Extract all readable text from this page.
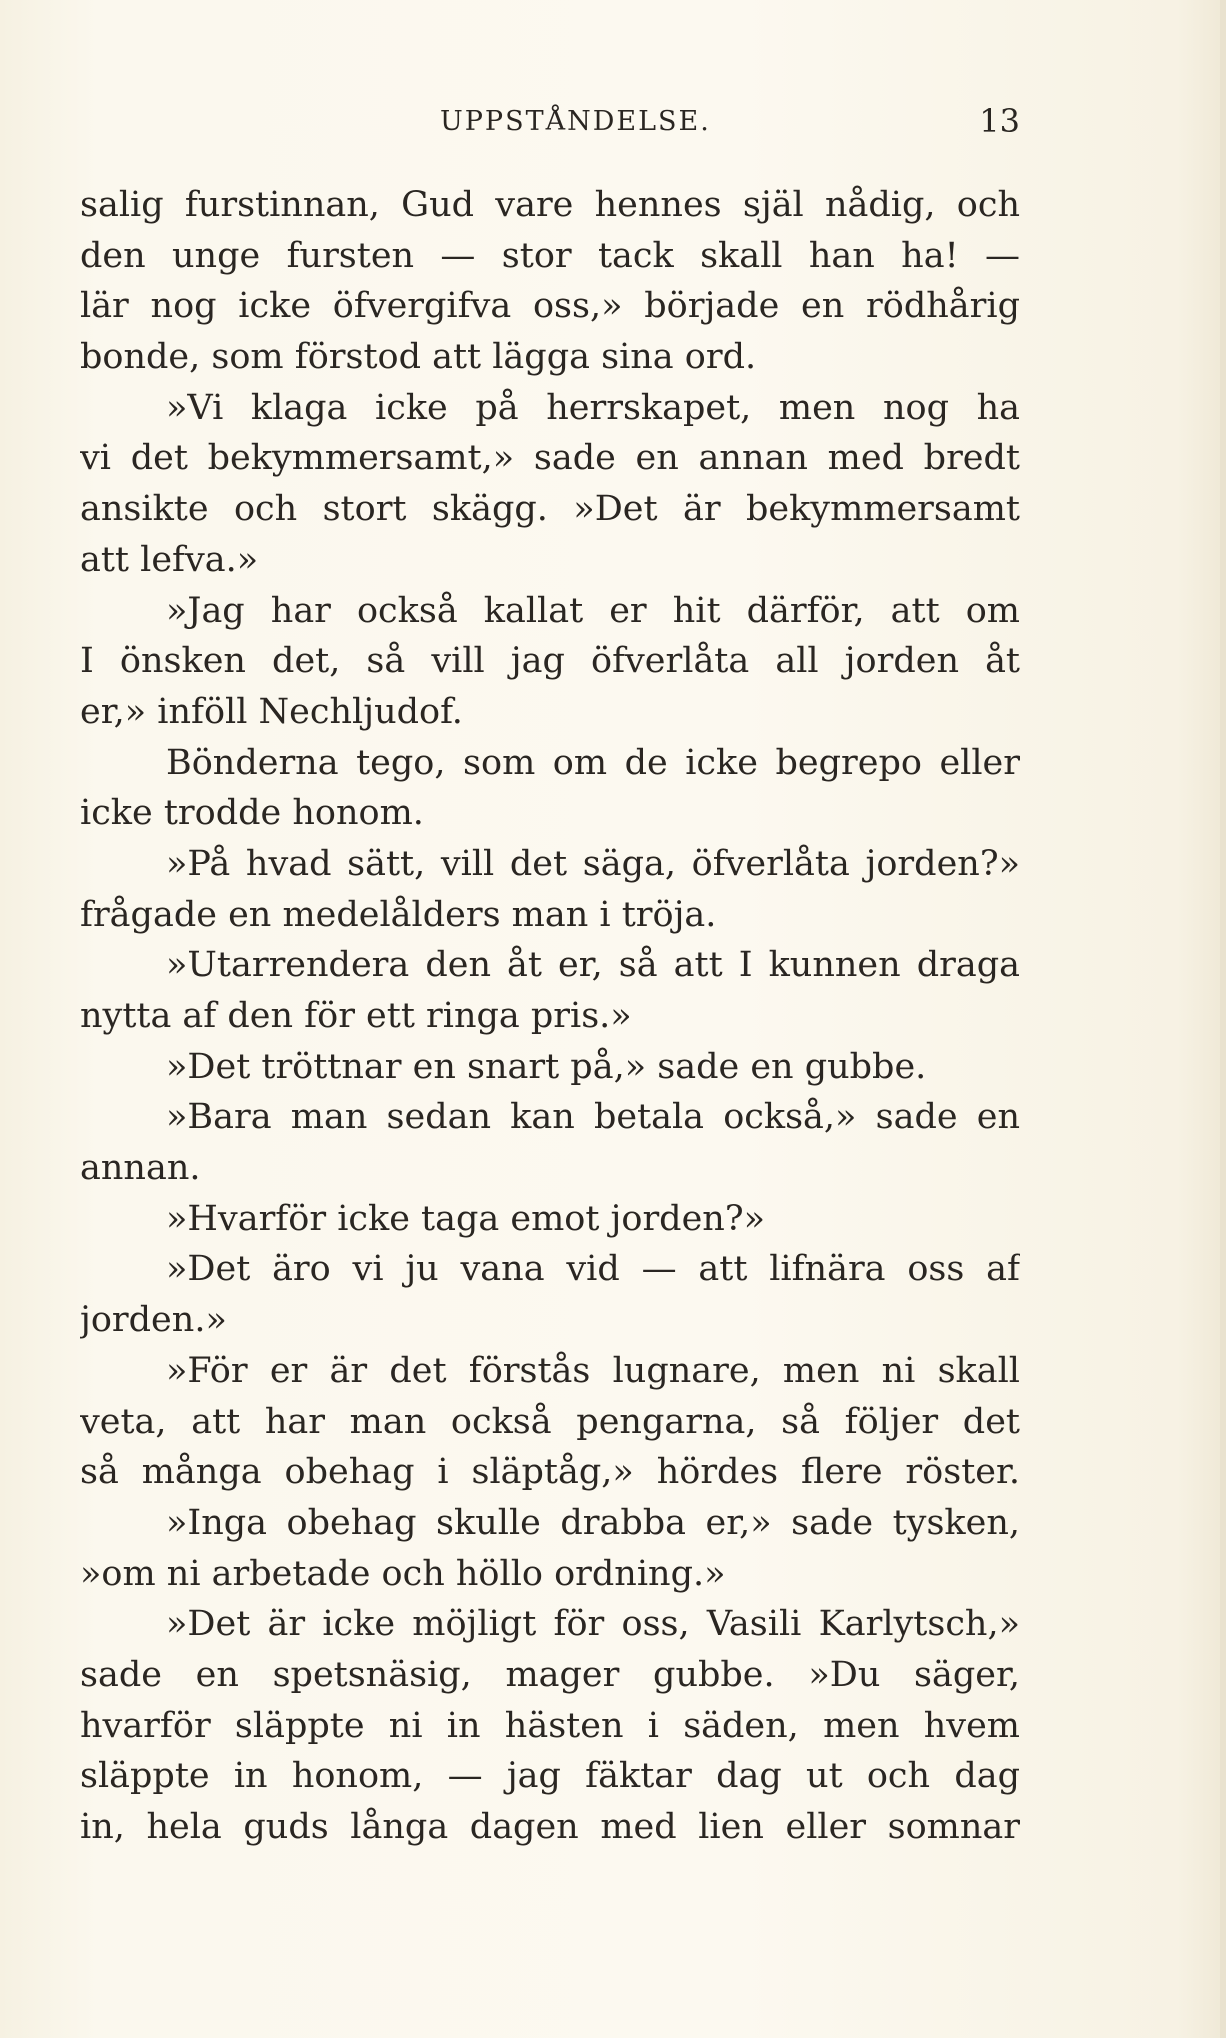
UPPSTÅNDELSE.	13
salig furstinnan, Gud vare hennes själ nådig, och
den unge fursten — stor tack skall han ha! —
lär nog icke öfvergifva oss,» började en rödhårig
bonde, som förstod att lägga sina ord.
»Vi klaga icke på herrskapet, men nog ha
vi det bekymmersamt,» sade en annan med bredt
ansikte och stort skägg. »Det är bekymmersamt
att lefva.»
»Jag har också kallat er hit därför, att om
I önsken det, så vill jag öfverlåta all jorden åt
er,» inföll Nechljudof.
Bönderna tego, som om de icke begrepo eller
icke trodde honom.
»På hvad sätt, vill det säga, öfverlåta jorden?»
frågade en medelålders man i tröja.
»Utarrendera den åt er, så att I kunnen draga
nytta af den för ett ringa pris.»
»Det tröttnar en snart på,» sade en gubbe.
»Bara man sedan kan betala också,» sade en
annan.
»Hvarför icke taga emot jorden?»
»Det äro vi ju vana vid — att lifnära oss af
jorden.»
»För er är det förstås lugnare, men ni skall
veta, att har man också pengarna, så följer det
så många obehag i släptåg,» hördes flere röster.
»Inga obehag skulle drabba er,» sade tysken,
»om ni arbetade och höllo ordning.»
»Det är icke möjligt för oss, Vasili Karlytsch,»
sade en spetsnäsig, mager gubbe. »Du säger,
hvarför släppte ni in hästen i säden, men hvem
släppte in honom, — jag fäktar dag ut och dag
in, hela guds långa dagen med lien eller somnar
